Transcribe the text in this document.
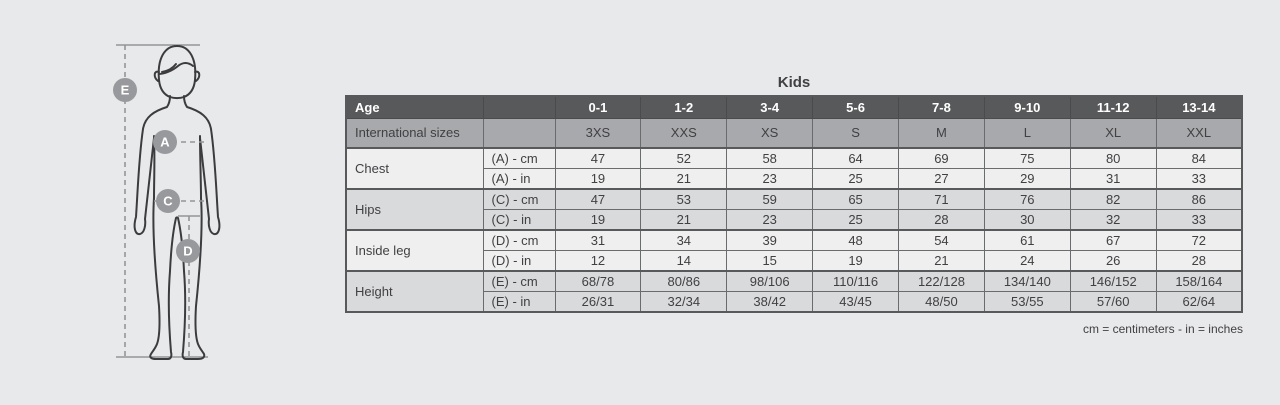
E
A
C
D
Kids
Age		0-1	1-2	3-4	5-6	7-8	9-10	11-12	13-14
International sizes		3XS	XXS	XS	S	M	L	XL	XXL
Chest	(A) - cm	47	52	58	64	69	75	80	84
	(A) - in	19	21	23	25	27	29	31	33
Hips	(C) - cm	47	53	59	65	71	76	82	86
	(C) - in	19	21	23	25	28	30	32	33
Inside leg	(D) - cm	31	34	39	48	54	61	67	72
	(D) - in	12	14	15	19	21	24	26	28
Height	(E) - cm	68/78	80/86	98/106	110/116	122/128	134/140	146/152	158/164
	(E) - in	26/31	32/34	38/42	43/45	48/50	53/55	57/60	62/64
cm = centimeters - in = inches
